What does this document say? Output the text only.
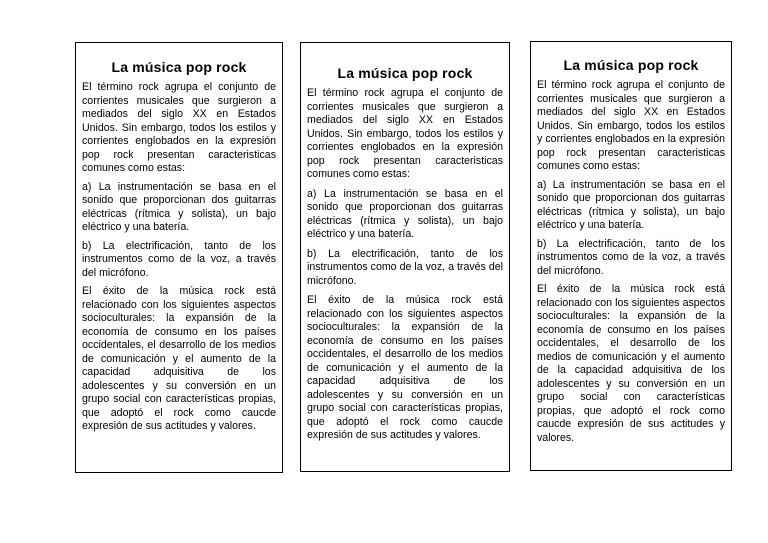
La música pop rock

El término rock agrupa el conjunto de corrientes musicales que surgieron a mediados del siglo XX en Estados Unidos. Sin embargo, todos los estilos y corrientes englobados en la expresión pop rock presentan caracteristicas comunes como estas:

a) La instrumentación se basa en el sonido que proporcionan dos guitarras eléctricas (rítmica y solista), un bajo eléctrico y una batería.

b) La electrificación, tanto de los instrumentos como de la voz, a través del micrófono.

El éxito de la música rock está relacionado con los siguientes aspectos socioculturales: la expansión de la economía de consumo en los países occidentales, el desarrollo de los medios de comunicación y el aumento de la capacidad adquisitiva de los adolescentes y su conversión en un grupo social con características propias, que adoptó el rock como caucde expresión de sus actitudes y valores.

La música pop rock

El término rock agrupa el conjunto de corrientes musicales que surgieron a mediados del siglo XX en Estados Unidos. Sin embargo, todos los estilos y corrientes englobados en la expresión pop rock presentan caracteristicas comunes como estas:

a) La instrumentación se basa en el sonido que proporcionan dos guitarras eléctricas (rítmica y solista), un bajo eléctrico y una batería.

b) La electrificación, tanto de los instrumentos como de la voz, a través del micrófono.

El éxito de la música rock está relacionado con los siguientes aspectos socioculturales: la expansión de la economía de consumo en los países occidentales, el desarrollo de los medios de comunicación y el aumento de la capacidad adquisitiva de los adolescentes y su conversión en un grupo social con características propias, que adoptó el rock como caucde expresión de sus actitudes y valores.

La música pop rock

El término rock agrupa el conjunto de corrientes musicales que surgieron a mediados del siglo XX en Estados Unidos. Sin embargo, todos los estilos y corrientes englobados en la expresión pop rock presentan caracteristicas comunes como estas:

a) La instrumentación se basa en el sonido que proporcionan dos guitarras eléctricas (rítmica y solista), un bajo eléctrico y una batería.

b) La electrificación, tanto de los instrumentos como de la voz, a través del micrófono.

El éxito de la música rock está relacionado con los siguientes aspectos socioculturales: la expansión de la economía de consumo en los países occidentales, el desarrollo de los medios de comunicación y el aumento de la capacidad adquisitiva de los adolescentes y su conversión en un grupo social con características propias, que adoptó el rock como caucde expresión de sus actitudes y valores.
